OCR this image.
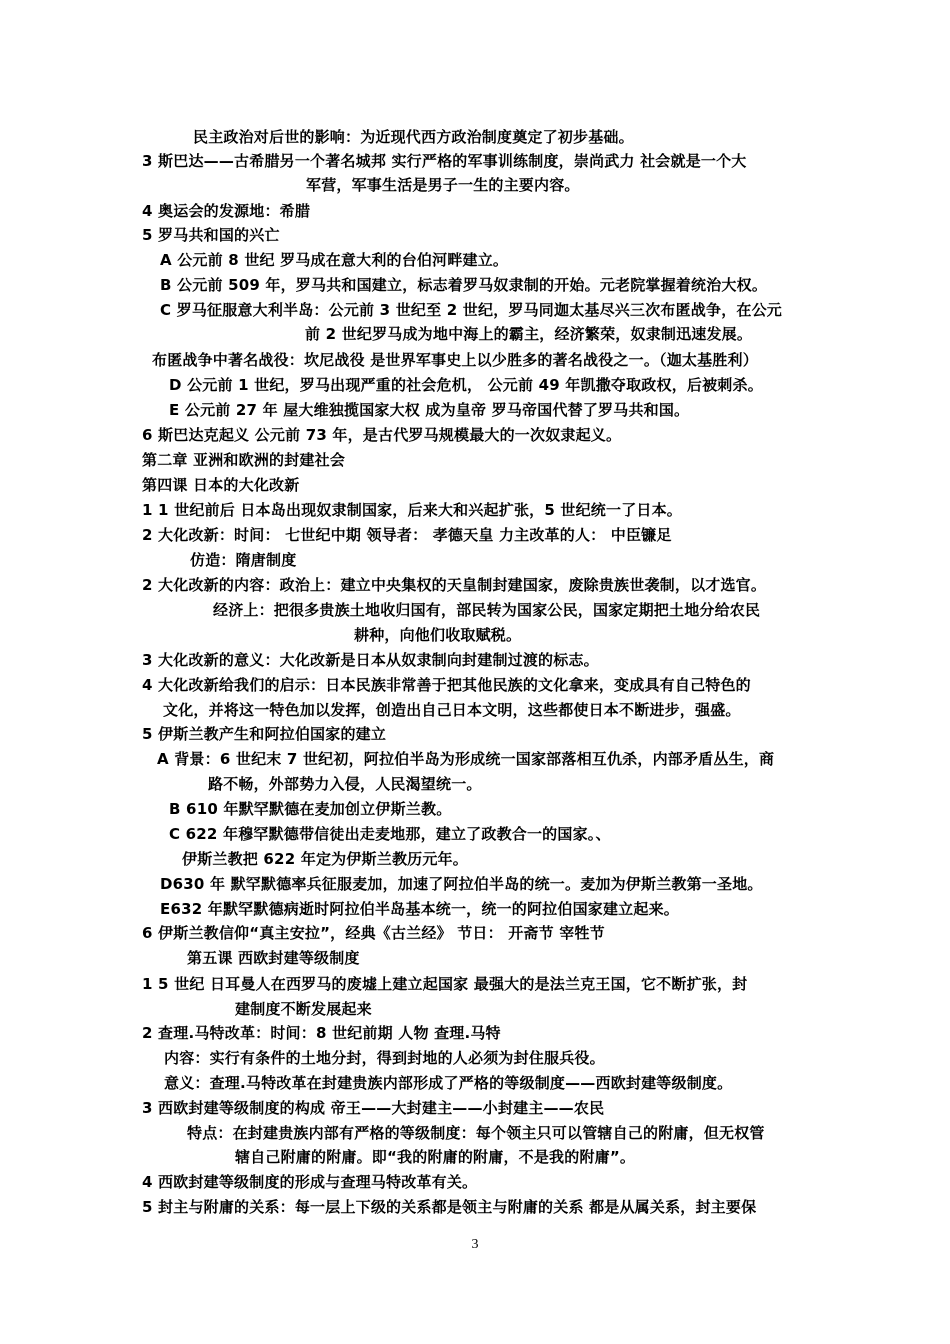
民主政治对后世的影响：为近现代西方政治制度奠定了初步基础。
3 斯巴达——古希腊另一个著名城邦 实行严格的军事训练制度，崇尚武力 社会就是一个大
军营，军事生活是男子一生的主要内容。
4 奥运会的发源地：希腊
5 罗马共和国的兴亡
A 公元前 8 世纪 罗马成在意大利的台伯河畔建立。
B 公元前 509 年，罗马共和国建立，标志着罗马奴隶制的开始。元老院掌握着统治大权。
C 罗马征服意大利半岛：公元前 3 世纪至 2 世纪，罗马同迦太基尽兴三次布匿战争，在公元
前 2 世纪罗马成为地中海上的霸主，经济繁荣，奴隶制迅速发展。
布匿战争中著名战役：坎尼战役 是世界军事史上以少胜多的著名战役之一。（迦太基胜利）
D 公元前 1 世纪，罗马出现严重的社会危机， 公元前 49 年凯撒夺取政权，后被刺杀。
E 公元前 27 年 屋大维独揽国家大权 成为皇帝 罗马帝国代替了罗马共和国。
6 斯巴达克起义 公元前 73 年，是古代罗马规模最大的一次奴隶起义。
第二章 亚洲和欧洲的封建社会
第四课 日本的大化改新
1 1 世纪前后 日本岛出现奴隶制国家，后来大和兴起扩张，5 世纪统一了日本。
2 大化改新：时间： 七世纪中期 领导者： 孝德天皇 力主改革的人： 中臣镰足
仿造：隋唐制度
2 大化改新的内容：政治上：建立中央集权的天皇制封建国家，废除贵族世袭制，以才选官。
经济上：把很多贵族土地收归国有，部民转为国家公民，国家定期把土地分给农民
耕种，向他们收取赋税。
3 大化改新的意义：大化改新是日本从奴隶制向封建制过渡的标志。
4 大化改新给我们的启示：日本民族非常善于把其他民族的文化拿来，变成具有自己特色的
文化，并将这一特色加以发挥，创造出自己日本文明，这些都使日本不断进步，强盛。
5 伊斯兰教产生和阿拉伯国家的建立
A 背景：6 世纪末 7 世纪初，阿拉伯半岛为形成统一国家部落相互仇杀，内部矛盾丛生，商
路不畅，外部势力入侵，人民渴望统一。
B 610 年默罕默德在麦加创立伊斯兰教。
C 622 年穆罕默德带信徒出走麦地那，建立了政教合一的国家。、
伊斯兰教把 622 年定为伊斯兰教历元年。
D630 年 默罕默德率兵征服麦加，加速了阿拉伯半岛的统一。麦加为伊斯兰教第一圣地。
E632 年默罕默德病逝时阿拉伯半岛基本统一，统一的阿拉伯国家建立起来。
6 伊斯兰教信仰“真主安拉”，经典《古兰经》 节日： 开斋节 宰牲节
第五课 西欧封建等级制度
1 5 世纪 日耳曼人在西罗马的废墟上建立起国家 最强大的是法兰克王国，它不断扩张，封
建制度不断发展起来
2 查理.马特改革：时间：8 世纪前期 人物 查理.马特
内容：实行有条件的土地分封，得到封地的人必须为封住服兵役。
意义：查理.马特改革在封建贵族内部形成了严格的等级制度——西欧封建等级制度。
3 西欧封建等级制度的构成 帝王——大封建主——小封建主——农民
特点：在封建贵族内部有严格的等级制度：每个领主只可以管辖自己的附庸，但无权管
辖自己附庸的附庸。即“我的附庸的附庸，不是我的附庸”。
4 西欧封建等级制度的形成与查理马特改革有关。
5 封主与附庸的关系：每一层上下级的关系都是领主与附庸的关系 都是从属关系，封主要保
3
